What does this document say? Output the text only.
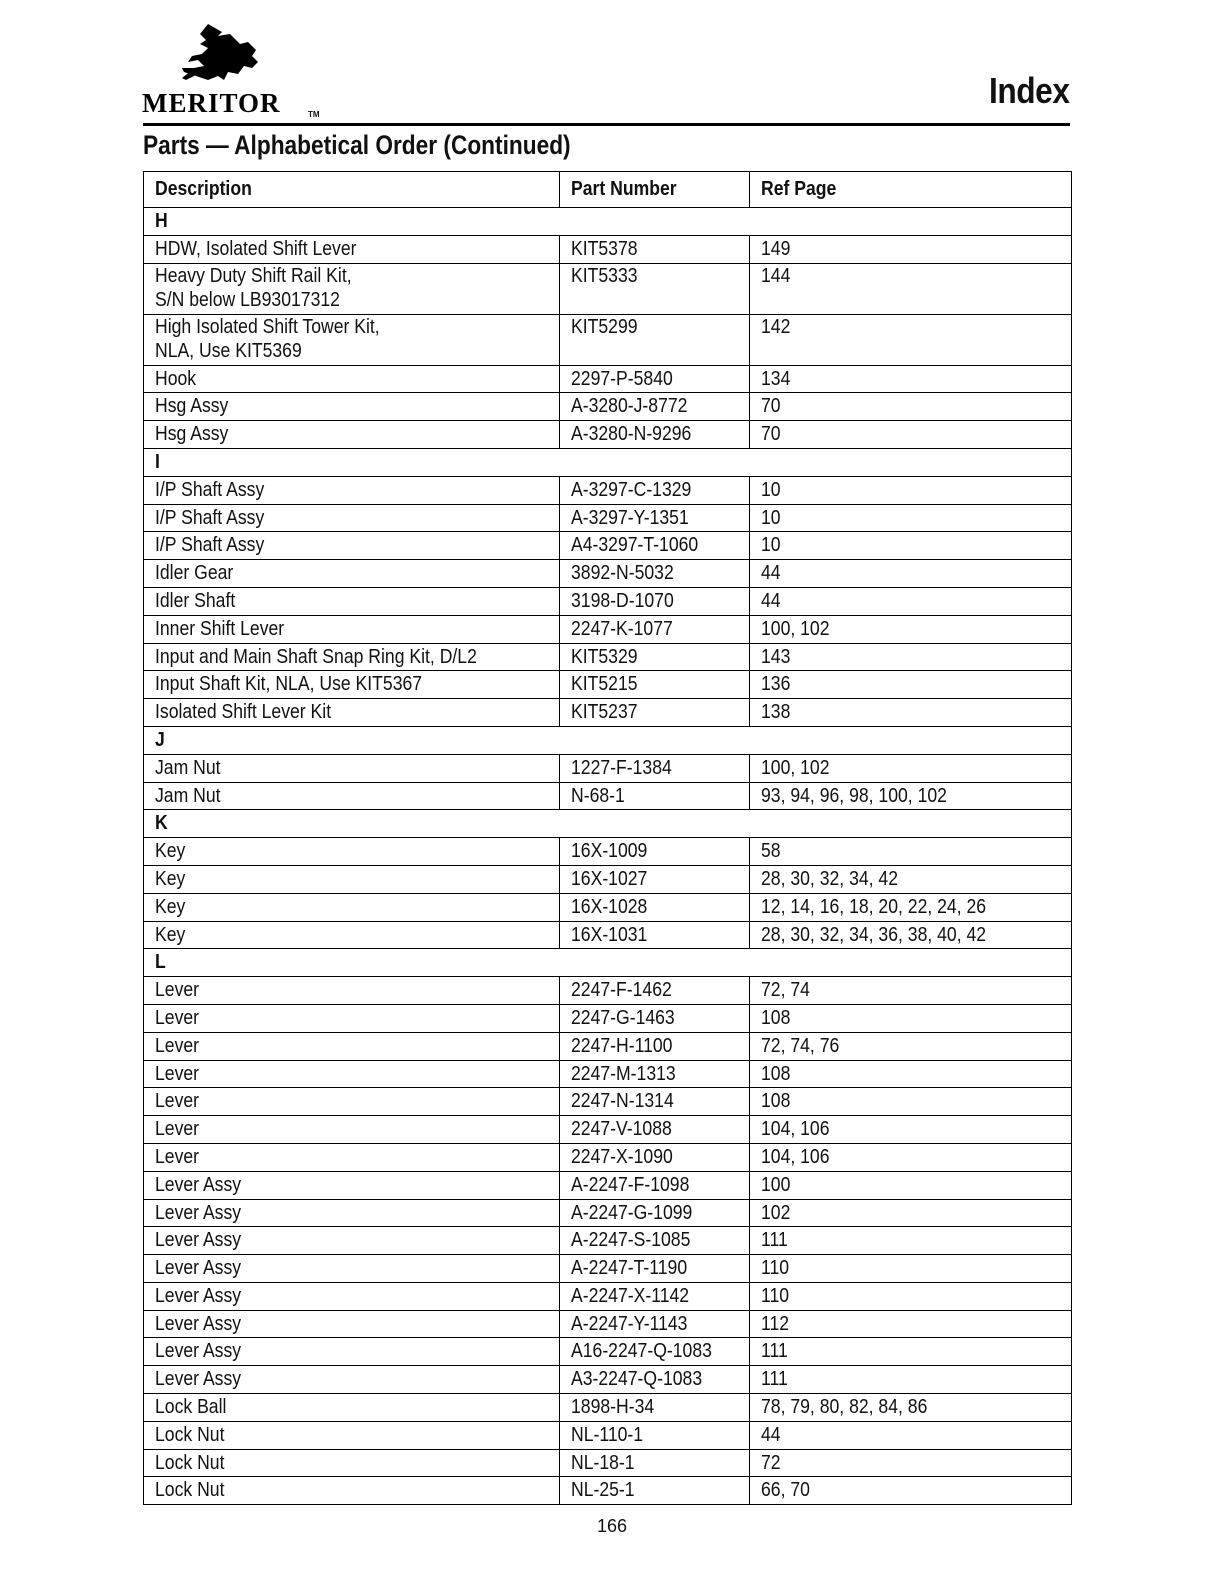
MERITOR	TM
Index
Parts — Alphabetical Order (Continued)
Description	Part Number	Ref Page
H		
HDW, Isolated Shift Lever	KIT5378	149
Heavy Duty Shift Rail Kit,
S/N below LB93017312	KIT5333	144
High Isolated Shift Tower Kit,
NLA, Use KIT5369	KIT5299	142
Hook	2297-P-5840	134
Hsg Assy	A-3280-J-8772	70
Hsg Assy	A-3280-N-9296	70
I		
I/P Shaft Assy	A-3297-C-1329	10
I/P Shaft Assy	A-3297-Y-1351	10
I/P Shaft Assy	A4-3297-T-1060	10
Idler Gear	3892-N-5032	44
Idler Shaft	3198-D-1070	44
Inner Shift Lever	2247-K-1077	100, 102
Input and Main Shaft Snap Ring Kit, D/L2	KIT5329	143
Input Shaft Kit, NLA, Use KIT5367	KIT5215	136
Isolated Shift Lever Kit	KIT5237	138
J		
Jam Nut	1227-F-1384	100, 102
Jam Nut	N-68-1	93, 94, 96, 98, 100, 102
K		
Key	16X-1009	58
Key	16X-1027	28, 30, 32, 34, 42
Key	16X-1028	12, 14, 16, 18, 20, 22, 24, 26
Key	16X-1031	28, 30, 32, 34, 36, 38, 40, 42
L		
Lever	2247-F-1462	72, 74
Lever	2247-G-1463	108
Lever	2247-H-1100	72, 74, 76
Lever	2247-M-1313	108
Lever	2247-N-1314	108
Lever	2247-V-1088	104, 106
Lever	2247-X-1090	104, 106
Lever Assy	A-2247-F-1098	100
Lever Assy	A-2247-G-1099	102
Lever Assy	A-2247-S-1085	111
Lever Assy	A-2247-T-1190	110
Lever Assy	A-2247-X-1142	110
Lever Assy	A-2247-Y-1143	112
Lever Assy	A16-2247-Q-1083	111
Lever Assy	A3-2247-Q-1083	111
Lock Ball	1898-H-34	78, 79, 80, 82, 84, 86
Lock Nut	NL-110-1	44
Lock Nut	NL-18-1	72
Lock Nut	NL-25-1	66, 70
166
